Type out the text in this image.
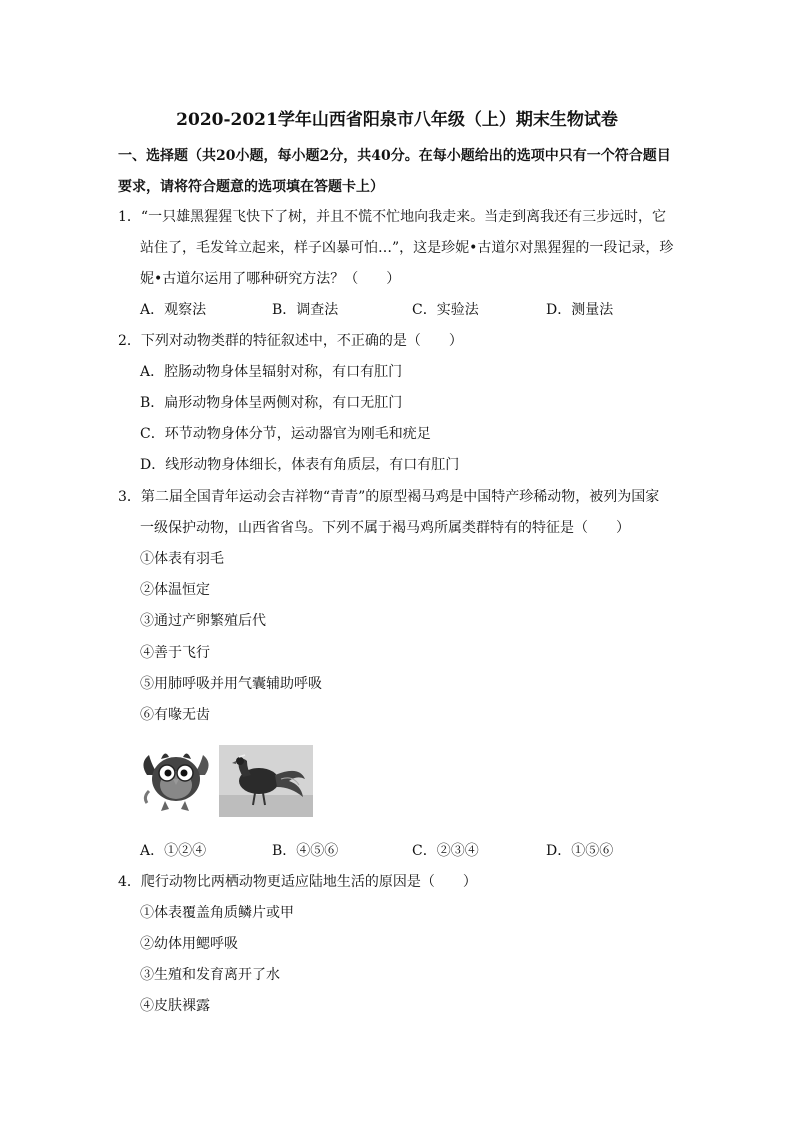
2020-2021学年山西省阳泉市八年级（上）期末生物试卷
一、选择题（共20小题，每小题2分，共40分。在每小题给出的选项中只有一个符合题目要求，请将符合题意的选项填在答题卡上）
1．“一只雄黑猩猩飞快下了树，并且不慌不忙地向我走来。当走到离我还有三步远时，它
站住了，毛发耸立起来，样子凶暴可怕…”，这是珍妮•古道尔对黑猩猩的一段记录，珍
妮•古道尔运用了哪种研究方法？（　　）
A．观察法	B．调查法	C．实验法	D．测量法
2．下列对动物类群的特征叙述中，不正确的是（　　）
A．腔肠动物身体呈辐射对称，有口有肛门
B．扁形动物身体呈两侧对称，有口无肛门
C．环节动物身体分节，运动器官为刚毛和疣足
D．线形动物身体细长，体表有角质层，有口有肛门
3．第二届全国青年运动会吉祥物“青青”的原型褐马鸡是中国特产珍稀动物，被列为国家
一级保护动物，山西省省鸟。下列不属于褐马鸡所属类群特有的特征是（　　）
①体表有羽毛
②体温恒定
③通过产卵繁殖后代
④善于飞行
⑤用肺呼吸并用气囊辅助呼吸
⑥有喙无齿
A．①②④	B．④⑤⑥	C．②③④	D．①⑤⑥
4．爬行动物比两栖动物更适应陆地生活的原因是（　　）
①体表覆盖角质鳞片或甲
②幼体用鳃呼吸
③生殖和发育离开了水
④皮肤裸露
